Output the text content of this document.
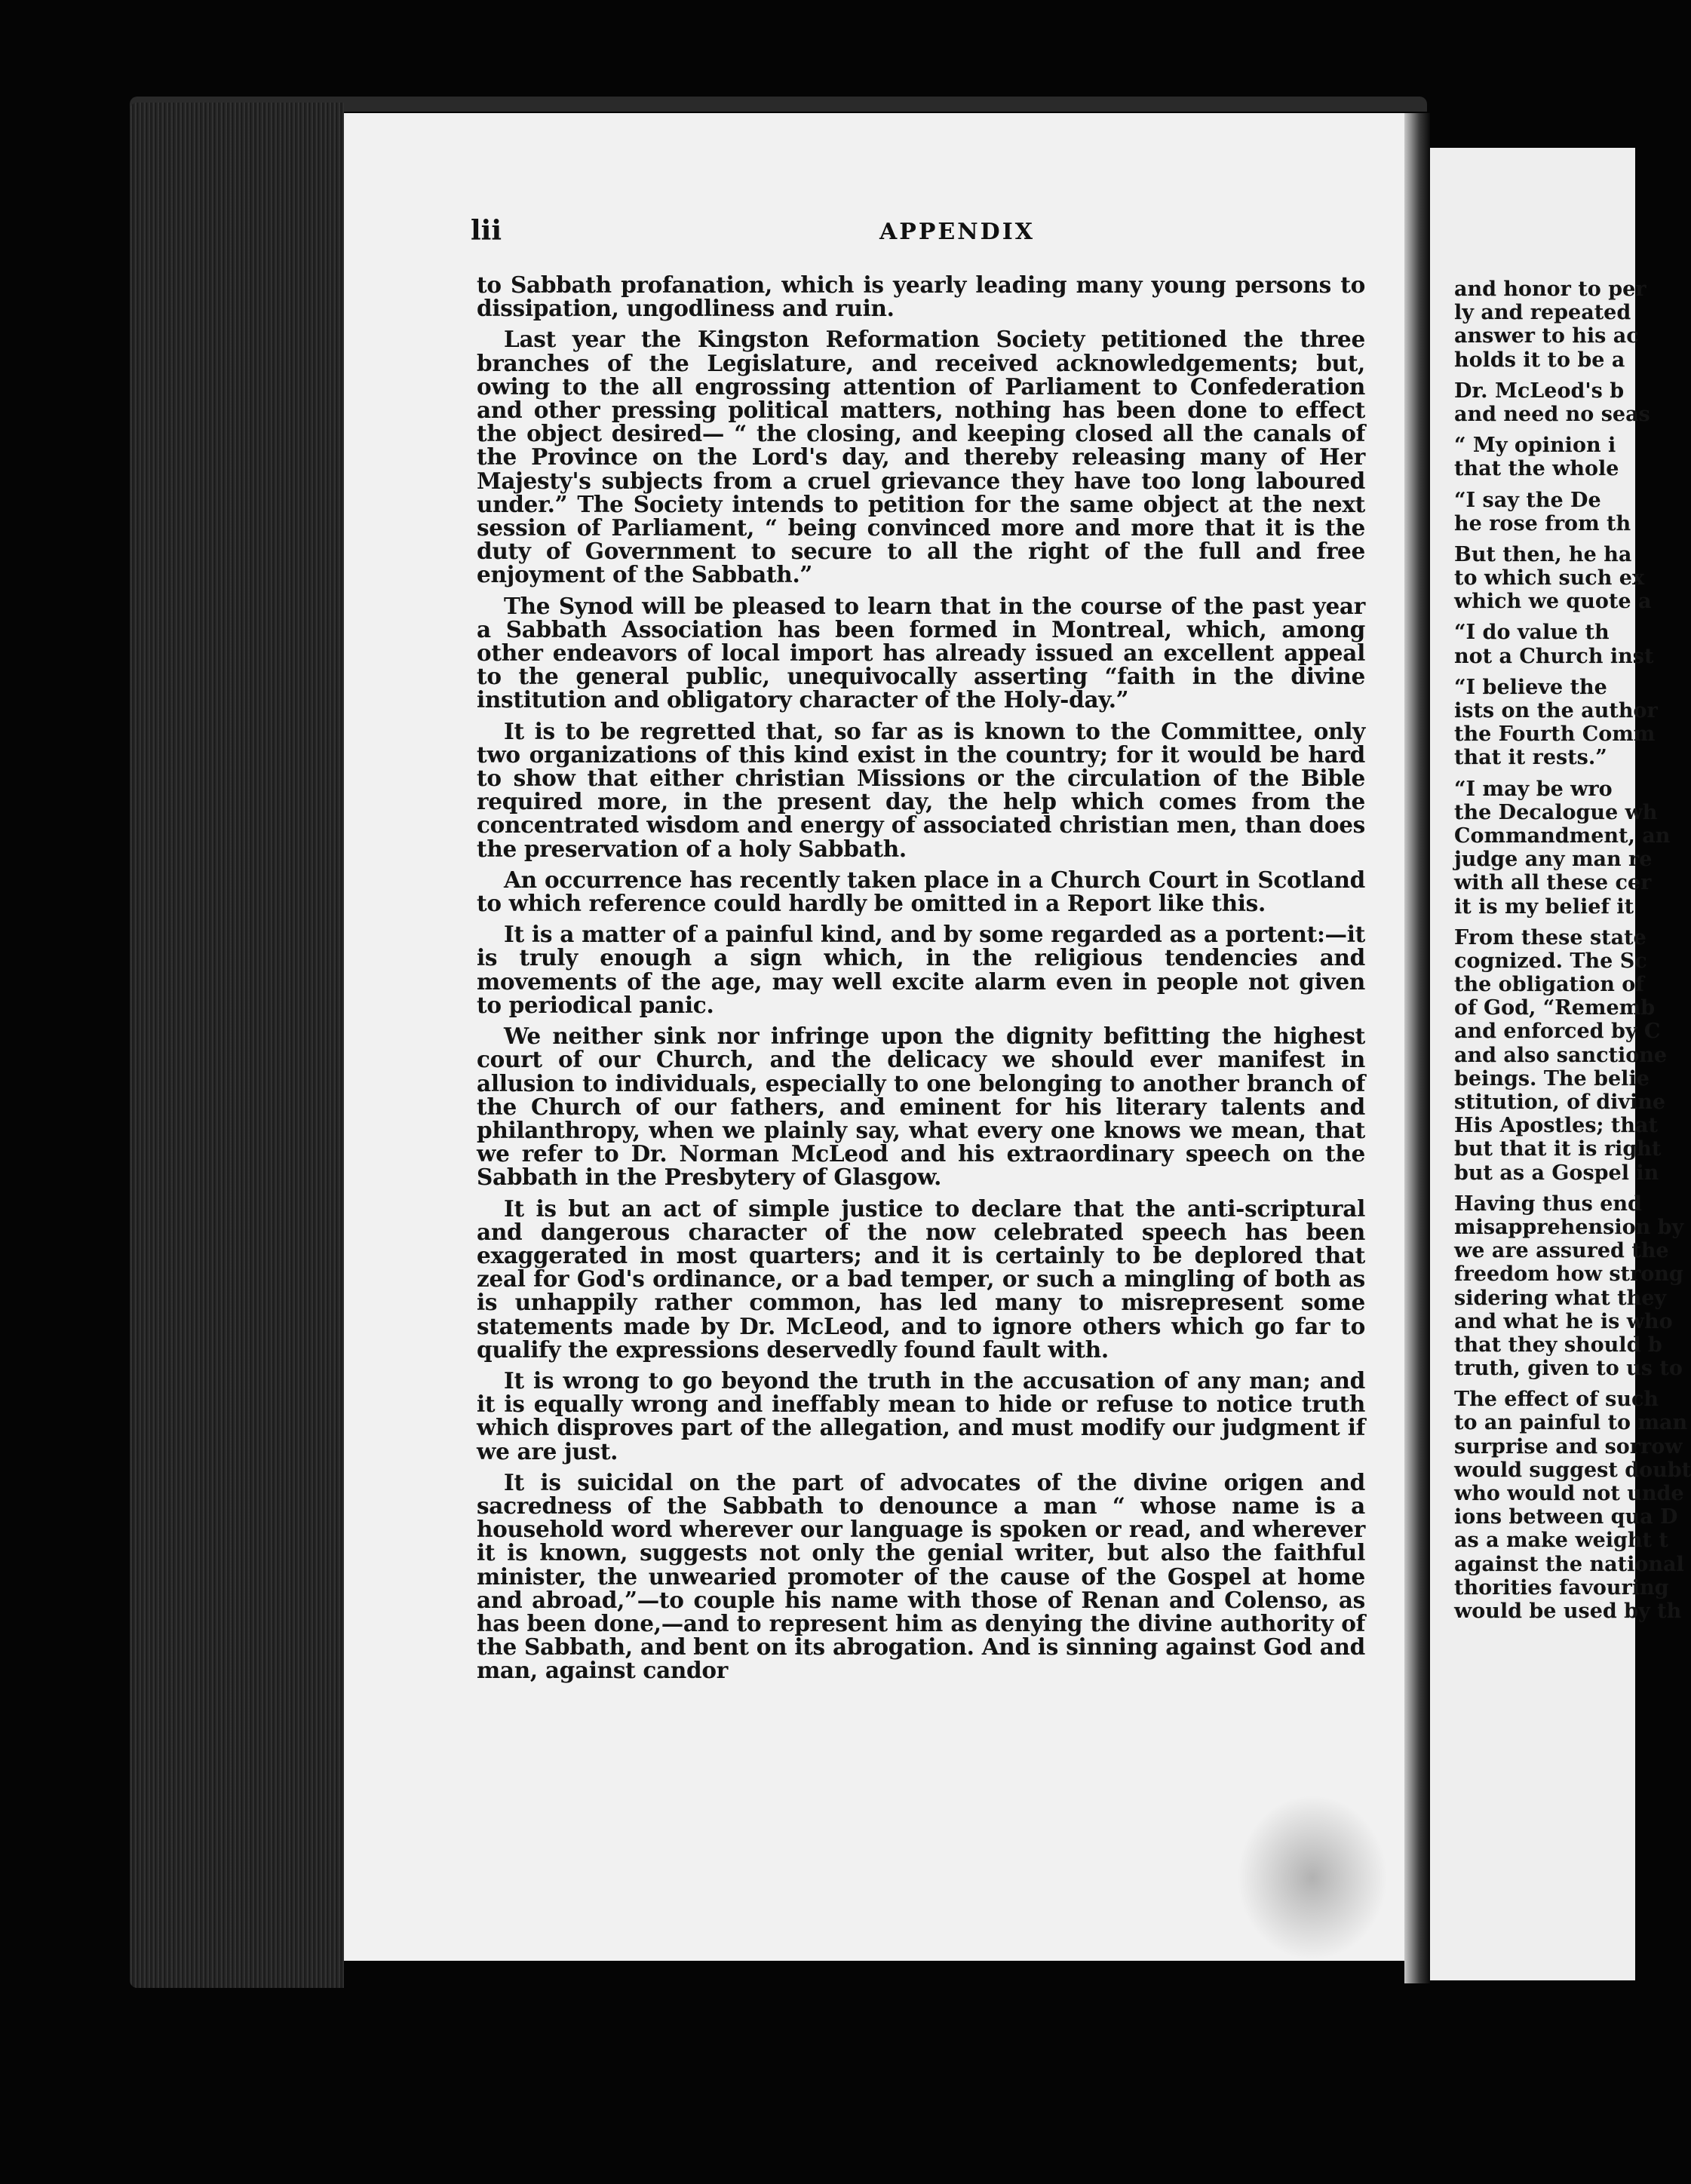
lii	APPENDIX

to Sabbath profanation, which is yearly leading many young persons to dissipation, ungodliness and ruin.

Last year the Kingston Reformation Society petitioned the three branches of the Legislature, and received acknowledgements; but, owing to the all engrossing attention of Parliament to Confederation and other pressing political matters, nothing has been done to effect the object desired— “ the closing, and keeping closed all the canals of the Province on the Lord's day, and thereby releasing many of Her Majesty's subjects from a cruel grievance they have too long laboured under.” The Society intends to petition for the same object at the next session of Parliament, “ being convinced more and more that it is the duty of Government to secure to all the right of the full and free enjoyment of the Sabbath.”

The Synod will be pleased to learn that in the course of the past year a Sabbath Association has been formed in Montreal, which, among other endeavors of local import has already issued an excellent appeal to the general public, unequivocally asserting “faith in the divine institution and obligatory character of the Holy-day.”

It is to be regretted that, so far as is known to the Committee, only two organizations of this kind exist in the country; for it would be hard to show that either christian Missions or the circulation of the Bible required more, in the present day, the help which comes from the concentrated wisdom and energy of associated christian men, than does the preservation of a holy Sabbath.

An occurrence has recently taken place in a Church Court in Scotland to which reference could hardly be omitted in a Report like this.

It is a matter of a painful kind, and by some regarded as a portent:—it is truly enough a sign which, in the religious tendencies and movements of the age, may well excite alarm even in people not given to periodical panic.

We neither sink nor infringe upon the dignity befitting the highest court of our Church, and the delicacy we should ever manifest in allusion to individuals, especially to one belonging to another branch of the Church of our fathers, and eminent for his literary talents and philanthropy, when we plainly say, what every one knows we mean, that we refer to Dr. Norman McLeod and his extraordinary speech on the Sabbath in the Presbytery of Glasgow.

It is but an act of simple justice to declare that the anti-scriptural and dangerous character of the now celebrated speech has been exaggerated in most quarters; and it is certainly to be deplored that zeal for God's ordinance, or a bad temper, or such a mingling of both as is unhappily rather common, has led many to misrepresent some statements made by Dr. McLeod, and to ignore others which go far to qualify the expressions deservedly found fault with.

It is wrong to go beyond the truth in the accusation of any man; and it is equally wrong and ineffably mean to hide or refuse to notice truth which disproves part of the allegation, and must modify our judgment if we are just.

It is suicidal on the part of advocates of the divine origen and sacredness of the Sabbath to denounce a man “ whose name is a household word wherever our language is spoken or read, and wherever it is known, suggests not only the genial writer, but also the faithful minister, the unwearied promoter of the cause of the Gospel at home and abroad,”—to couple his name with those of Renan and Colenso, as has been done,—and to represent him as denying the divine authority of the Sabbath, and bent on its abrogation. And is sinning against God and man, against candor

and honor to per
ly and repeated
answer to his ac
holds it to be a
Dr. McLeod's b
and need no seas
“ My opinion i
that the whole
“I say the De
he rose from th
But then, he ha
to which such ex
which we quote a
“I do value th
not a Church inst
“I believe the
ists on the author
the Fourth Comm
that it rests.”
“I may be wro
the Decalogue wh
Commandment, an
judge any man re
with all these cer
it is my belief it
From these state
cognized. The Sc
the obligation of
of God, “Rememb
and enforced by C
and also sanctione
beings. The belie
stitution, of divine
His Apostles; that
but that it is right
but as a Gospel in
Having thus end
misapprehension by
we are assured the
freedom how strong
sidering what they
and what he is who
that they should b
truth, given to us to
The effect of such
to an painful to man
surprise and sorrow
would suggest doubt
who would not unde
ions between qua D
as a make weight t
against the national
thorities favouring
would be used by th
